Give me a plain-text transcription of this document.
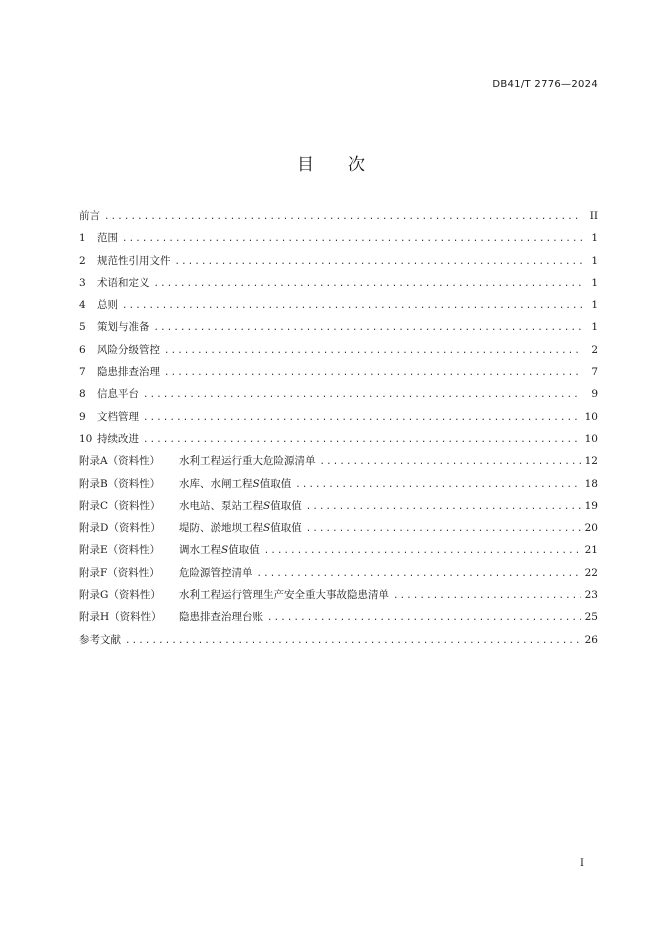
DB41/T 2776—2024
目次
前言 .....	II
1	范围 .....	1
2	规范性引用文件 .....	1
3	术语和定义 .....	1
4	总则 .....	1
5	策划与准备 .....	1
6	风险分级管控 .....	2
7	隐患排查治理 .....	7
8	信息平台 .....	9
9	文档管理 .....	10
10 持续改进 .....	10
附录A（资料性）	水利工程运行重大危险源清单 .....	12
附录B（资料性）	水库、水闸工程S值取值 .....	18
附录C（资料性）	水电站、泵站工程S值取值 .....	19
附录D（资料性）	堤防、淤地坝工程S值取值 .....	20
附录E（资料性）	调水工程S值取值 .....	21
附录F（资料性）	危险源管控清单 .....	22
附录G（资料性）	水利工程运行管理生产安全重大事故隐患清单 .....	23
附录H（资料性）	隐患排查治理台账 .....	25
参考文献 .....	26
I
